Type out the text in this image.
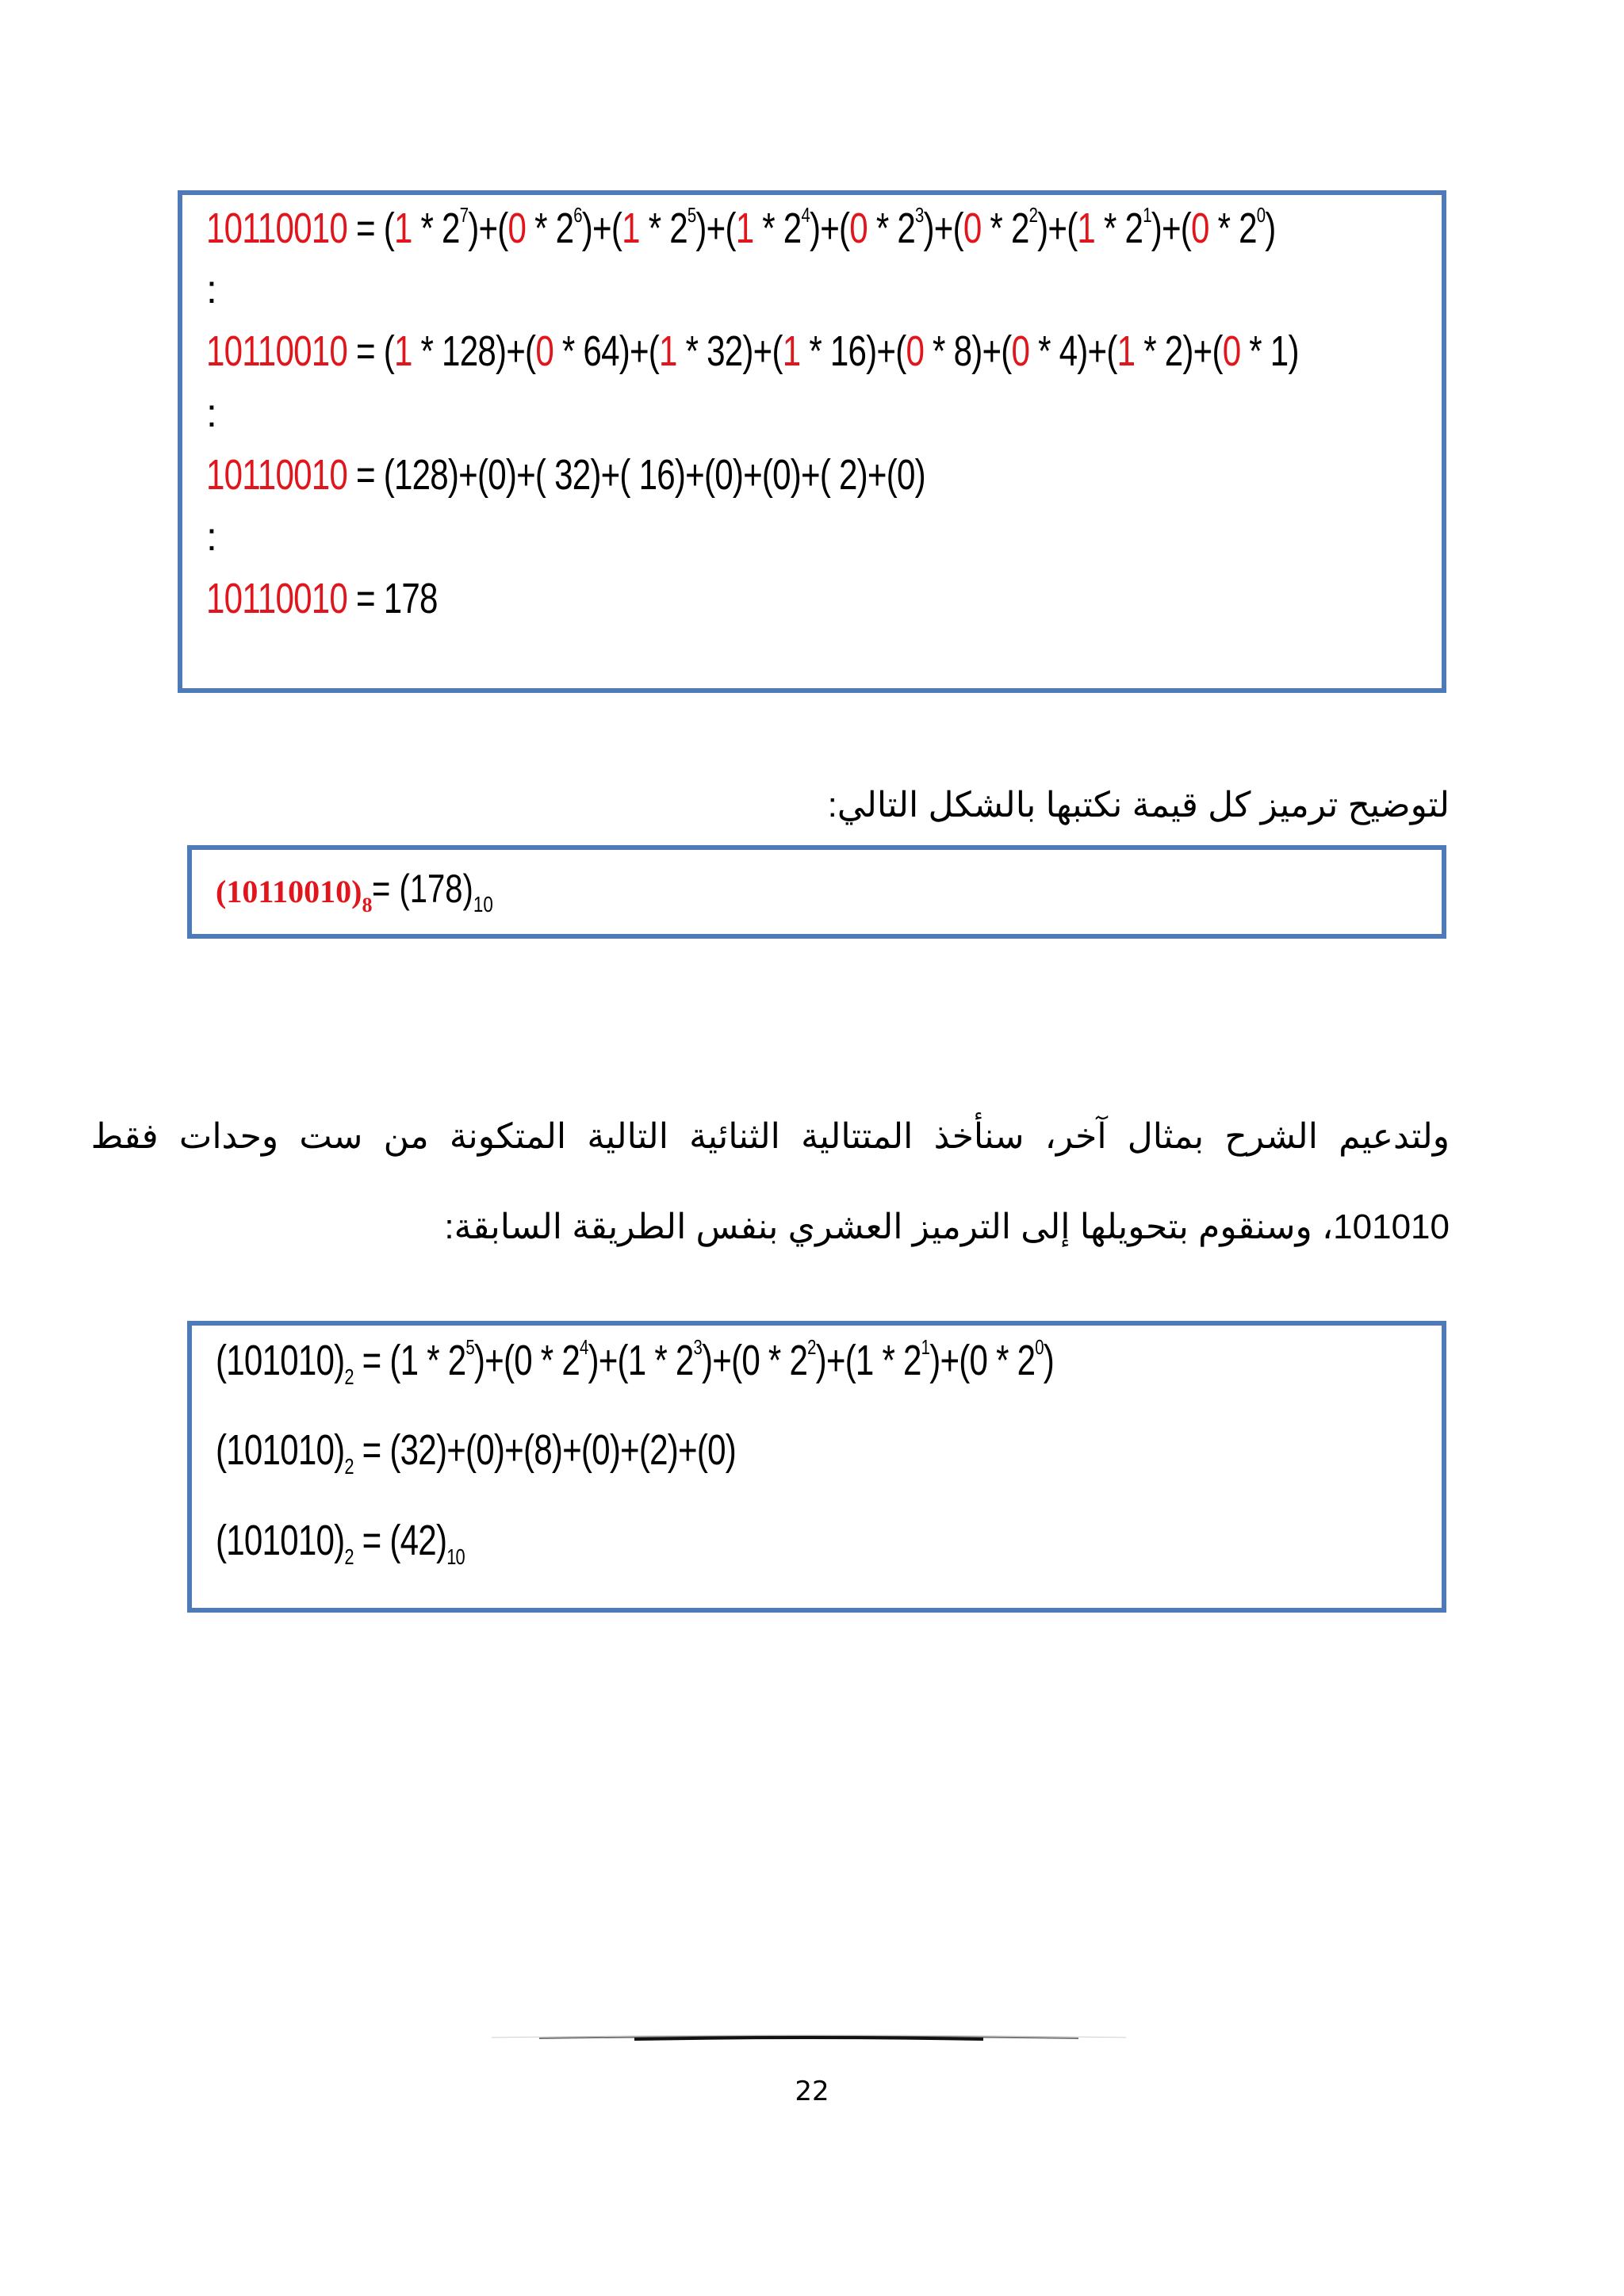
$10110010 = (1 * 2^7)+(0 * 2^6)+(1 * 2^5)+(1 * 2^4)+(0 * 2^3)+(0 * 2^2)+(1 * 2^1)+(0 * 2^0)$
:
10110010 = (1 * 128)+(0 * 64)+(1 * 32)+(1 * 16)+(0 * 8)+(0 * 4)+(1 * 2)+(0 * 1)
:
10110010 = (128)+(0)+( 32)+( 16)+(0)+(0)+( 2)+(0)
:
10110010 = 178
لتوضيح ترميز كل قيمة نكتبها بالشكل التالي:
$(10110010)8= (178)_{10}$
ولتدعيم الشرح بمثال آخر، سنأخذ المتتالية الثنائية التالية المتكونة من ست وحدات فقط
101010، وسنقوم بتحويلها إلى الترميز العشري بنفس الطريقة السابقة:
$(101010)_2 = (1 * 2^5)+(0 * 2^4)+(1 * 2^3)+(0 * 2^2)+(1 * 2^1)+(0 * 2^0)$
$(101010)_2 = (32)+(0)+(8)+(0)+(2)+(0)$
$(101010)_2 = (42)_{10}$
22
